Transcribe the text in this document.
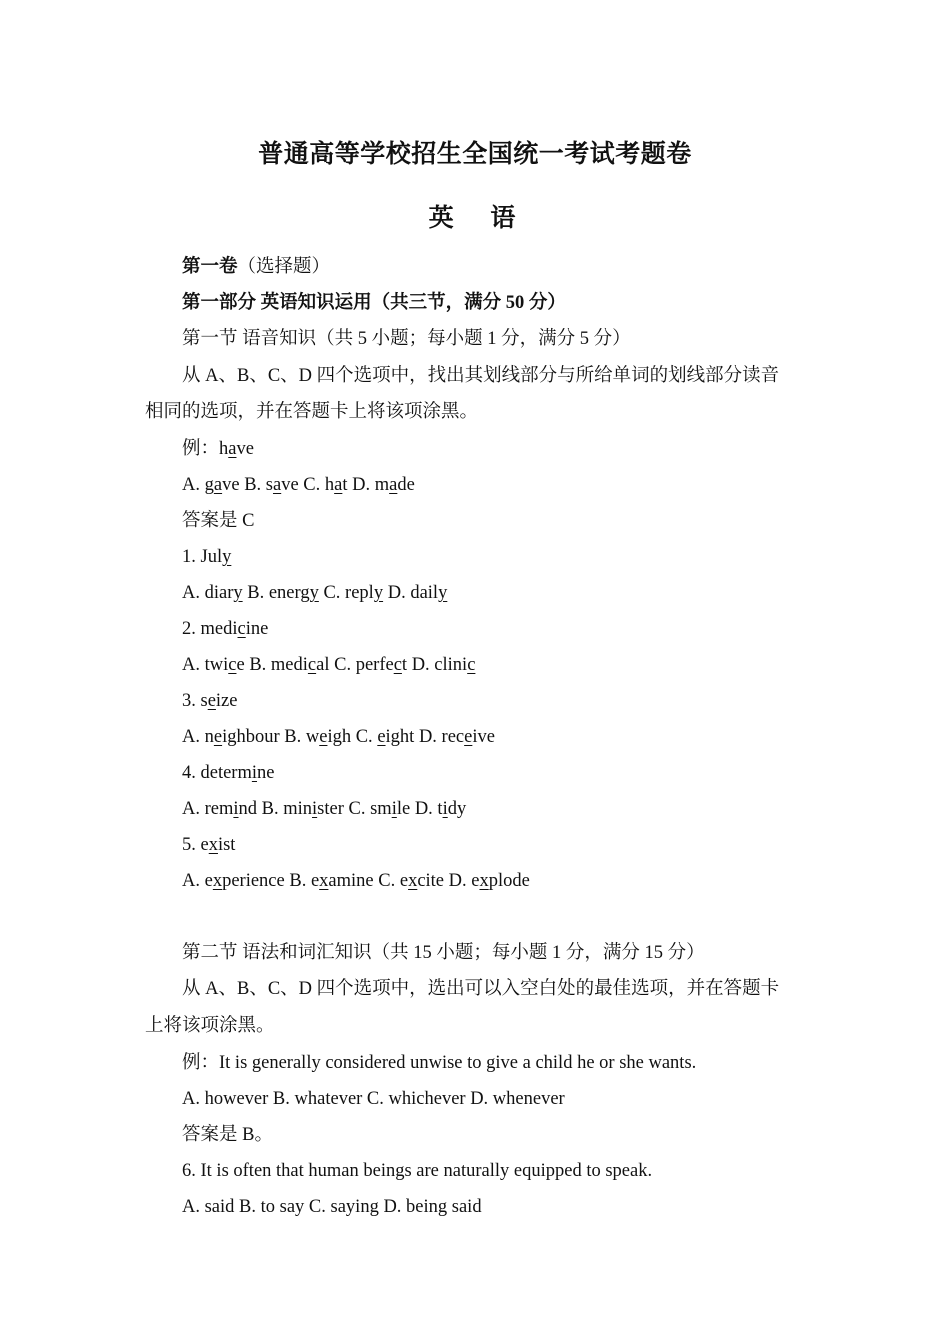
普通高等学校招生全国统一考试考题卷
英 语
第一卷（选择题）
第一部分 英语知识运用（共三节，满分 50 分）
第一节 语音知识（共 5 小题；每小题 1 分，满分 5 分）
从 A、B、C、D 四个选项中，找出其划线部分与所给单词的划线部分读音
相同的选项，并在答题卡上将该项涂黑。
例：have
A. gave B. save C. hat D. made
答案是 C
1. July
A. diary B. energy C. reply D. daily
2. medicine
A. twice B. medical C. perfect D. clinic
3. seize
A. neighbour B. weigh C. eight D. receive
4. determine
A. remind B. minister C. smile D. tidy
5. exist
A. experience B. examine C. excite D. explode
第二节 语法和词汇知识（共 15 小题；每小题 1 分，满分 15 分）
从 A、B、C、D 四个选项中，选出可以入空白处的最佳选项，并在答题卡
上将该项涂黑。
例：It is generally considered unwise to give a child he or she wants.
A. however B. whatever C. whichever D. whenever
答案是 B。
6. It is often that human beings are naturally equipped to speak.
A. said B. to say C. saying D. being said
